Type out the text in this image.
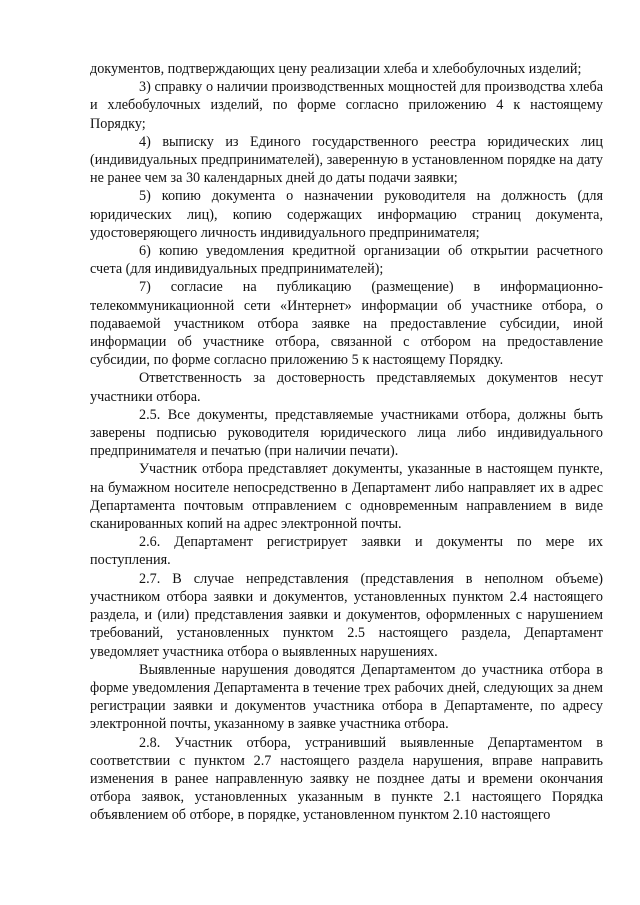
документов, подтверждающих цену реализации хлеба и хлебобулочных изделий;

3) справку о наличии производственных мощностей для производства хлеба и хлебобулочных изделий, по форме согласно приложению 4 к настоящему Порядку;

4) выписку из Единого государственного реестра юридических лиц (индивидуальных предпринимателей), заверенную в установленном порядке на дату не ранее чем за 30 календарных дней до даты подачи заявки;

5) копию документа о назначении руководителя на должность (для юридических лиц), копию содержащих информацию страниц документа, удостоверяющего личность индивидуального предпринимателя;

6) копию уведомления кредитной организации об открытии расчетного счета (для индивидуальных предпринимателей);

7) согласие на публикацию (размещение) в информационно-телекоммуникационной сети «Интернет» информации об участнике отбора, о подаваемой участником отбора заявке на предоставление субсидии, иной информации об участнике отбора, связанной с отбором на предоставление субсидии, по форме согласно приложению 5 к настоящему Порядку.

Ответственность за достоверность представляемых документов несут участники отбора.

2.5. Все документы, представляемые участниками отбора, должны быть заверены подписью руководителя юридического лица либо индивидуального предпринимателя и печатью (при наличии печати).

Участник отбора представляет документы, указанные в настоящем пункте, на бумажном носителе непосредственно в Департамент либо направляет их в адрес Департамента почтовым отправлением с одновременным направлением в виде сканированных копий на адрес электронной почты.

2.6. Департамент регистрирует заявки и документы по мере их поступления.

2.7. В случае непредставления (представления в неполном объеме) участником отбора заявки и документов, установленных пунктом 2.4 настоящего раздела, и (или) представления заявки и документов, оформленных с нарушением требований, установленных пунктом 2.5 настоящего раздела, Департамент уведомляет участника отбора о выявленных нарушениях.

Выявленные нарушения доводятся Департаментом до участника отбора в форме уведомления Департамента в течение трех рабочих дней, следующих за днем регистрации заявки и документов участника отбора в Департаменте, по адресу электронной почты, указанному в заявке участника отбора.

2.8. Участник отбора, устранивший выявленные Департаментом в соответствии с пунктом 2.7 настоящего раздела нарушения, вправе направить изменения в ранее направленную заявку не позднее даты и времени окончания отбора заявок, установленных указанным в пункте 2.1 настоящего Порядка объявлением об отборе, в порядке, установленном пунктом 2.10 настоящего
